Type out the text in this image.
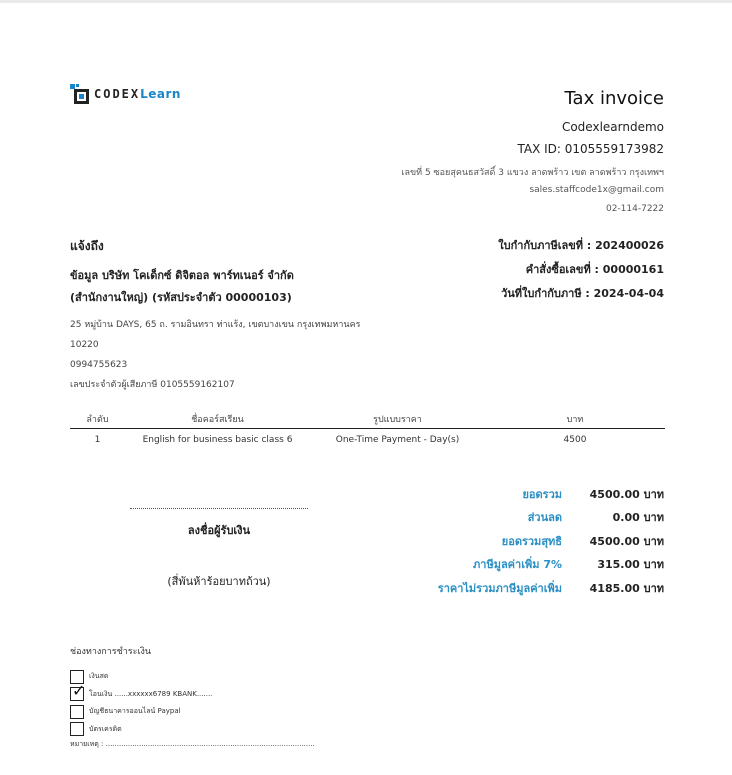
CODEXLearn	Tax invoice
Codexlearndemo
TAX ID: 0105559173982
เลขที่ 5 ซอยสุคนธสวัสดิ์ 3 แขวง ลาดพร้าว เขต ลาดพร้าว กรุงเทพฯ
sales.staffcode1x@gmail.com
02-114-7222
แจ้งถึง
ข้อมูล บริษัท โคเด็กซ์ ดิจิตอล พาร์ทเนอร์ จำกัด
(สำนักงานใหญ่) (รหัสประจำตัว 00000103)
25 หมู่บ้าน DAYS, 65 ถ. รามอินทรา ท่าแร้ง, เขตบางเขน กรุงเทพมหานคร
10220
0994755623
เลขประจำตัวผู้เสียภาษี 0105559162107
ใบกำกับภาษีเลขที่ : 202400026
คำสั่งซื้อเลขที่ : 00000161
วันที่ใบกำกับภาษี : 2024-04-04
ลำดับ	ชื่อคอร์สเรียน	รูปแบบราคา	บาท
1	English for business basic class 6	One-Time Payment - Day(s)	4500
ลงชื่อผู้รับเงิน
(สี่พันห้าร้อยบาทถ้วน)
ยอดรวม	4500.00 บาท
ส่วนลด	0.00 บาท
ยอดรวมสุทธิ	4500.00 บาท
ภาษีมูลค่าเพิ่ม 7%	315.00 บาท
ราคาไม่รวมภาษีมูลค่าเพิ่ม	4185.00 บาท
ช่องทางการชำระเงิน
เงินสด
✓ โอนเงิน ......xxxxxx6789 KBANK.......
บัญชีธนาคารออนไลน์ Paypal
บัตรเครดิต
หมายเหตุ : ..............................................................................................
